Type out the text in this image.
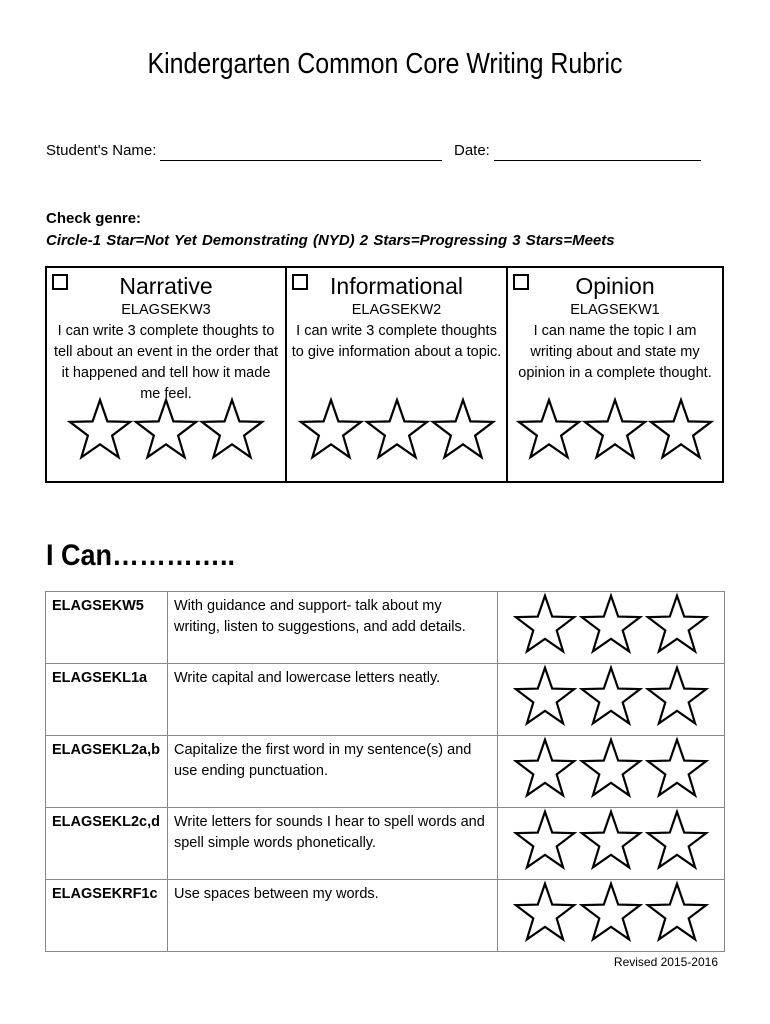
Kindergarten Common Core Writing Rubric
Student's Name:	Date:
Check genre:
Circle-1 Star=Not Yet Demonstrating (NYD) 2 Stars=Progressing 3 Stars=Meets
Narrative
ELAGSEKW3
I can write 3 complete thoughts to tell about an event in the order that it happened and tell how it made me feel.
Informational
ELAGSEKW2
I can write 3 complete thoughts to give information about a topic.
Opinion
ELAGSEKW1
I can name the topic I am writing about and state my opinion in a complete thought.
I Can…………..
ELAGSEKW5	With guidance and support- talk about my writing, listen to suggestions, and add details.	

ELAGSEKL1a	Write capital and lowercase letters neatly.	

ELAGSEKL2a,b	Capitalize the first word in my sentence(s) and use ending punctuation.	

ELAGSEKL2c,d	Write letters for sounds I hear to spell words and spell simple words phonetically.	

ELAGSEKRF1c	Use spaces between my words.	
Revised 2015-2016
